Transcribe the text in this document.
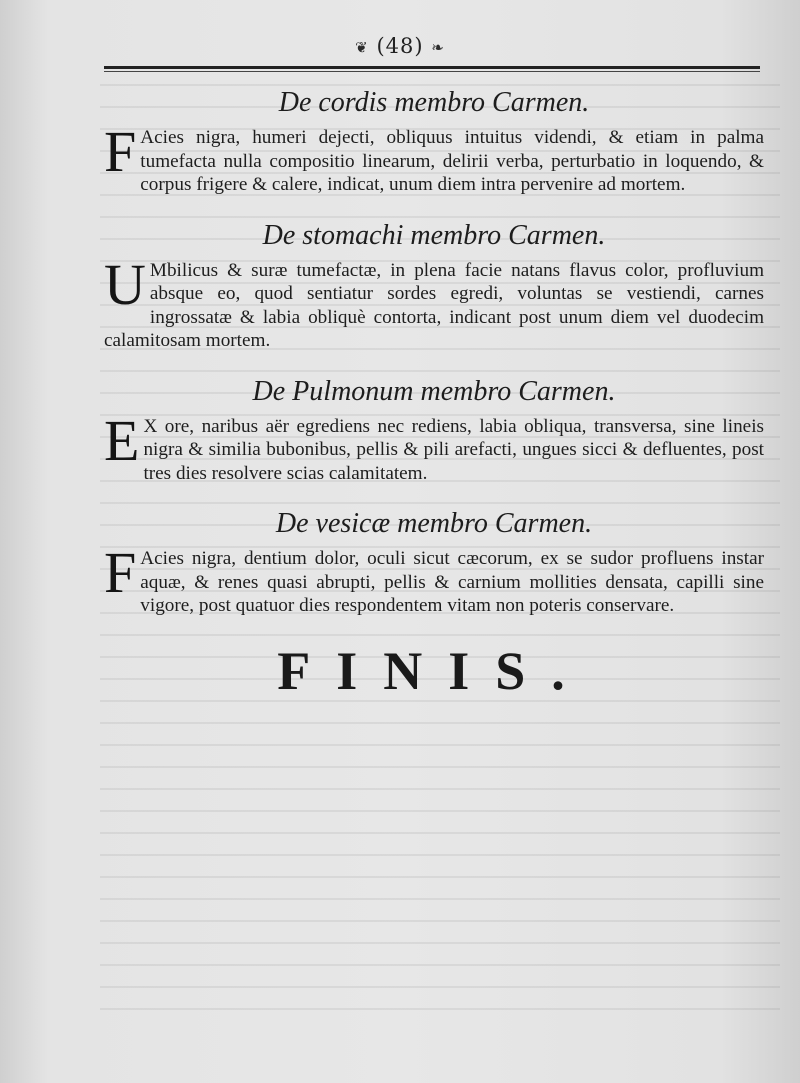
❦ (48) ❧
De cordis membro Carmen.

F Acies nigra, humeri dejecti, obliquus intuitus videndi, & etiam in palma tumefacta nulla compositio linearum, delirii verba, perturbatio in loquendo, & corpus frigere & calere, indicat, unum diem intra pervenire ad mortem.

De stomachi membro Carmen.

U Mbilicus & suræ tumefactæ, in plena facie natans flavus color, profluvium absque eo, quod sentiatur sordes egredi, voluntas se vestiendi, carnes ingrossatæ & labia obliquè contorta, indicant post unum diem vel duodecim calamitosam mortem.

De Pulmonum membro Carmen.

E X ore, naribus aër egrediens nec rediens, labia obliqua, transversa, sine lineis nigra & similia bubonibus, pellis & pili arefacti, ungues sicci & defluentes, post tres dies resolvere scias calamitatem.

De vesicæ membro Carmen.

F Acies nigra, dentium dolor, oculi sicut cæcorum, ex se sudor profluens instar aquæ, & renes quasi abrupti, pellis & carnium mollities densata, capilli sine vigore, post quatuor dies respondentem vitam non poteris conservare.

FINIS.
